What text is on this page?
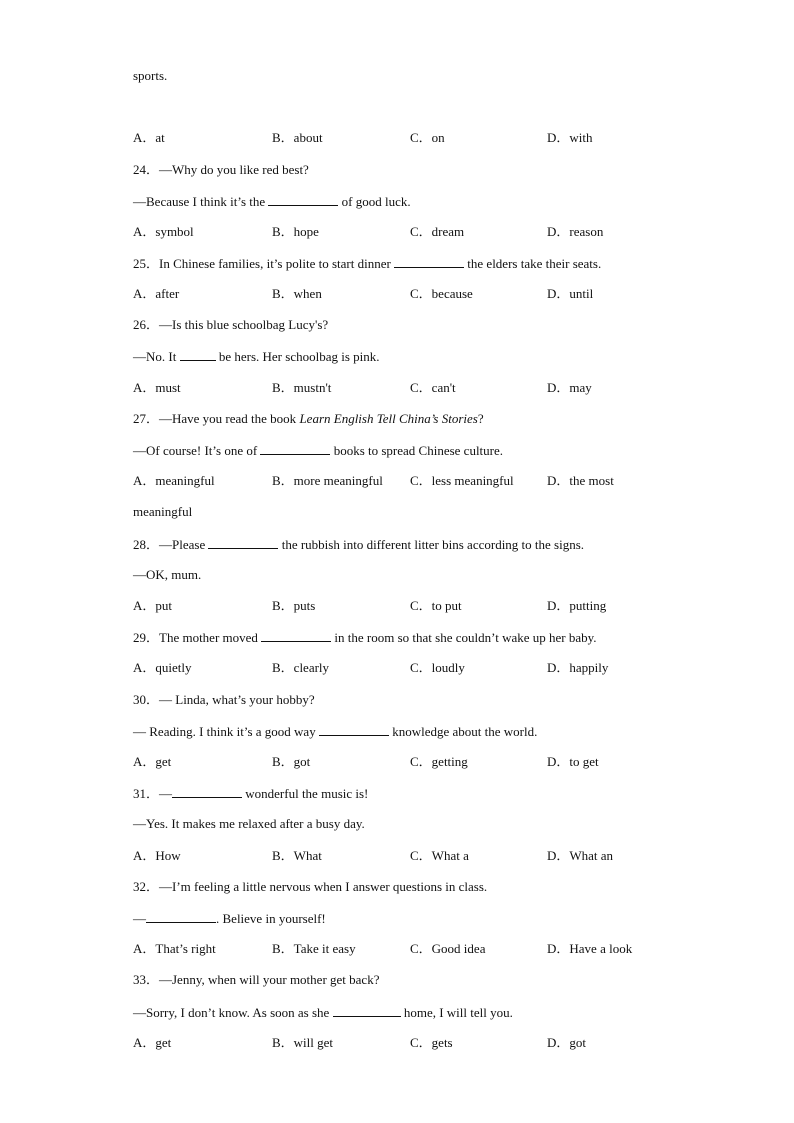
sports.
A．at	B．about	C．on	D．with
24．—Why do you like red best?
—Because I think it’s the	of good luck.
A．symbol	B．hope	C．dream	D．reason
25．In Chinese families, it’s polite to start dinner	the elders take their seats.
A．after	B．when	C．because	D．until
26．—Is this blue schoolbag Lucy's?
—No. It	be hers. Her schoolbag is pink.
A．must	B．mustn't	C．can't	D．may
27．—Have you read the book Learn English Tell China’s Stories?
—Of course! It’s one of	books to spread Chinese culture.
A．meaningful	B．more meaningful C．less meaningful	D．the most
meaningful
28．—Please	the rubbish into different litter bins according to the signs.
—OK, mum.
A．put	B．puts	C．to put	D．putting
29．The mother moved	in the room so that she couldn’t wake up her baby.
A．quietly	B．clearly	C．loudly	D．happily
30．— Linda, what’s your hobby?
— Reading. I think it’s a good way	knowledge about the world.
A．get	B．got	C．getting	D．to get
31．—	wonderful the music is!
—Yes. It makes me relaxed after a busy day.
A．How	B．What	C．What a	D．What an
32．—I’m feeling a little nervous when I answer questions in class.
—	. Believe in yourself!
A．That’s right	B．Take it easy	C．Good idea	D．Have a look
33．—Jenny, when will your mother get back?
—Sorry, I don’t know. As soon as she	home, I will tell you.
A．get	B．will get	C．gets	D．got
